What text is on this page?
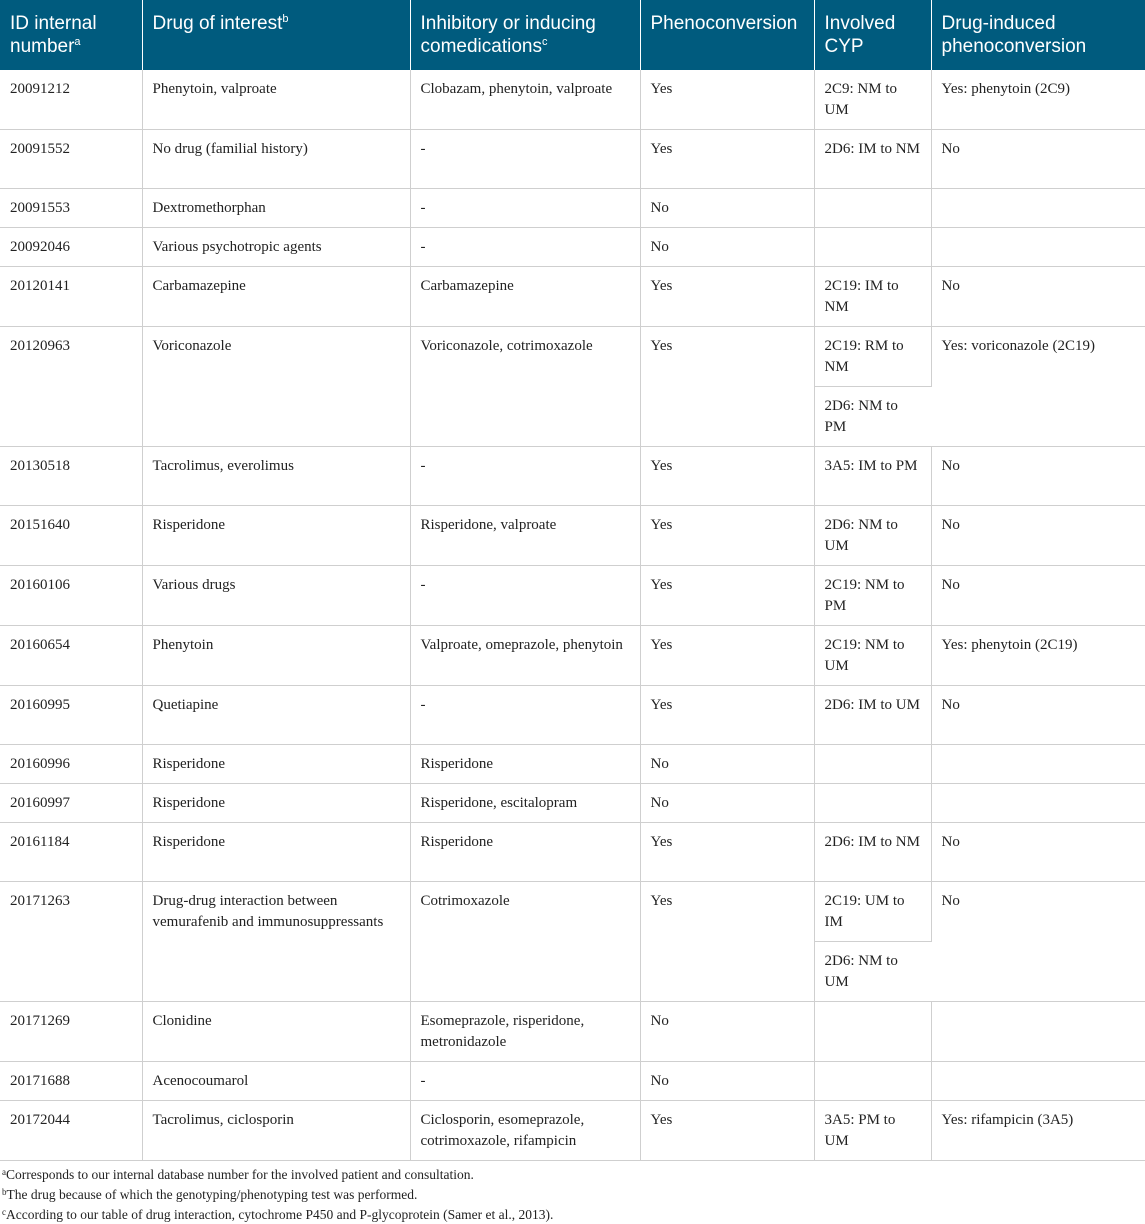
ID internal number$^a$	Drug of interest$^b$	Inhibitory or inducing comedications$^c$	Phenoconversion	Involved CYP	Drug-induced phenoconversion
20091212	Phenytoin, valproate	Clobazam, phenytoin, valproate	Yes	2C9: NM to UM	Yes: phenytoin (2C9)
20091552	No drug (familial history)	-	Yes	2D6: IM to NM	No
20091553	Dextromethorphan	-	No		
20092046	Various psychotropic agents	-	No		
20120141	Carbamazepine	Carbamazepine	Yes	2C19: IM to NM	No
20120963	Voriconazole	Voriconazole, cotrimoxazole	Yes	2C19: RM to NM	Yes: voriconazole (2C19)
				2D6: NM to PM	
20130518	Tacrolimus, everolimus	-	Yes	3A5: IM to PM	No
20151640	Risperidone	Risperidone, valproate	Yes	2D6: NM to UM	No
20160106	Various drugs	-	Yes	2C19: NM to PM	No
20160654	Phenytoin	Valproate, omeprazole, phenytoin	Yes	2C19: NM to UM	Yes: phenytoin (2C19)
20160995	Quetiapine	-	Yes	2D6: IM to UM	No
20160996	Risperidone	Risperidone	No		
20160997	Risperidone	Risperidone, escitalopram	No		
20161184	Risperidone	Risperidone	Yes	2D6: IM to NM	No
20171263	Drug-drug interaction between vemurafenib and immunosuppressants	Cotrimoxazole	Yes	2C19: UM to IM	No
				2D6: NM to UM	
20171269	Clonidine	Esomeprazole, risperidone, metronidazole	No		
20171688	Acenocoumarol	-	No		
20172044	Tacrolimus, ciclosporin	Ciclosporin, esomeprazole, cotrimoxazole, rifampicin	Yes	3A5: PM to UM	Yes: rifampicin (3A5)
$^a$Corresponds to our internal database number for the involved patient and consultation.
$^b$The drug because of which the genotyping/phenotyping test was performed.
$^c$According to our table of drug interaction, cytochrome P450 and P-glycoprotein (Samer et al., 2013).
